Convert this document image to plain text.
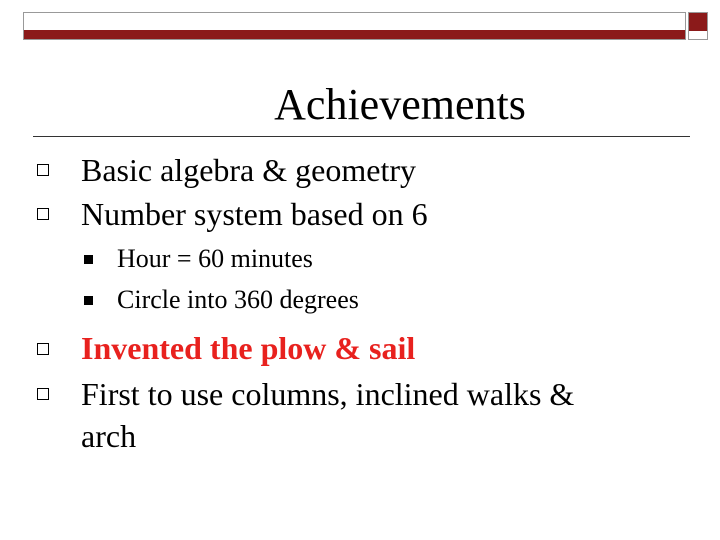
Achievements
Basic algebra & geometry
Number system based on 6
Hour = 60 minutes
Circle into 360 degrees
Invented the plow & sail
First to use columns, inclined walks &
arch
